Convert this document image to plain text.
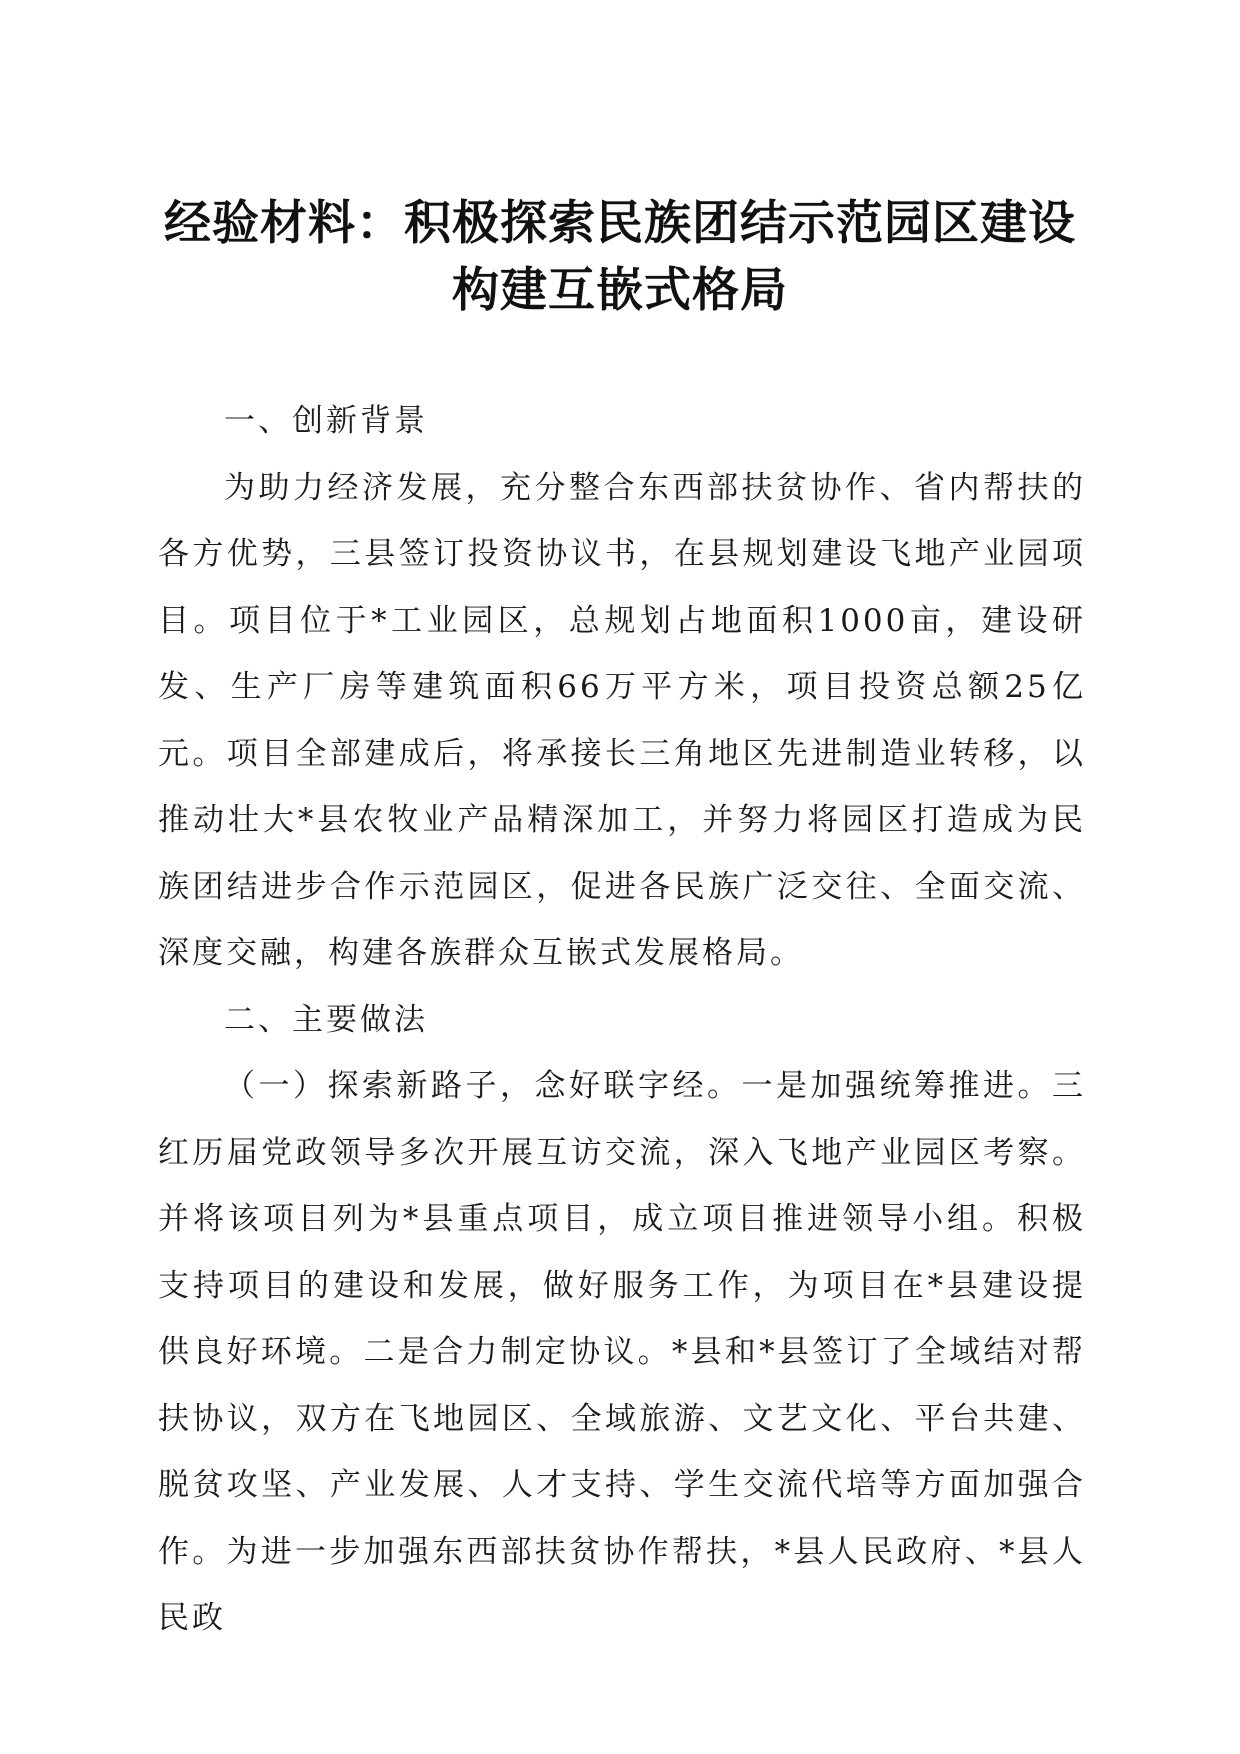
经验材料：积极探索民族团结示范园区建设
构建互嵌式格局

一、创新背景

为助力经济发展，充分整合东西部扶贫协作、省内帮扶的各方优势，三县签订投资协议书，在县规划建设飞地产业园项目。项目位于*工业园区，总规划占地面积1000亩，建设研发、生产厂房等建筑面积66万平方米，项目投资总额25亿元。项目全部建成后，将承接长三角地区先进制造业转移，以推动壮大*县农牧业产品精深加工，并努力将园区打造成为民族团结进步合作示范园区，促进各民族广泛交往、全面交流、深度交融，构建各族群众互嵌式发展格局。

二、主要做法

（一）探索新路子，念好联字经。一是加强统筹推进。三红历届党政领导多次开展互访交流，深入飞地产业园区考察。并将该项目列为*县重点项目，成立项目推进领导小组。积极支持项目的建设和发展，做好服务工作，为项目在*县建设提供良好环境。二是合力制定协议。*县和*县签订了全域结对帮扶协议，双方在飞地园区、全域旅游、文艺文化、平台共建、脱贫攻坚、产业发展、人才支持、学生交流代培等方面加强合作。为进一步加强东西部扶贫协作帮扶，*县人民政府、*县人民政
